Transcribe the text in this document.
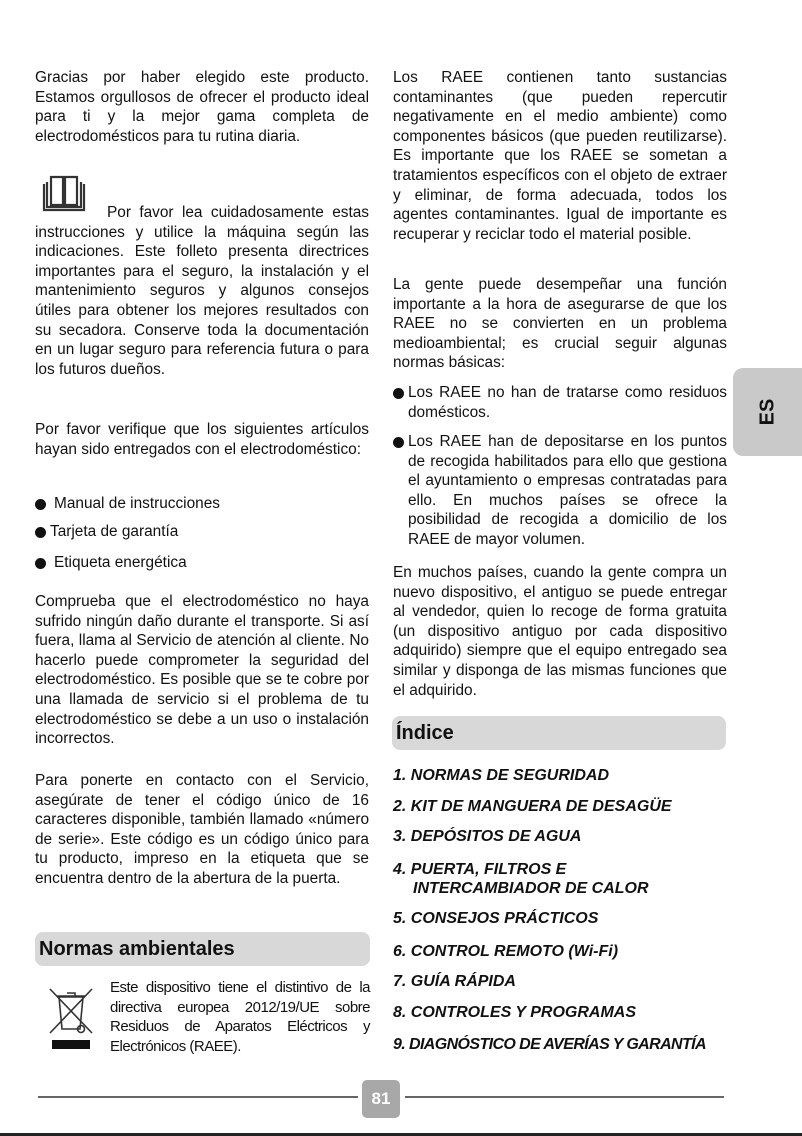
Gracias por haber elegido este producto. Estamos orgullosos de ofrecer el producto ideal para ti y la mejor gama completa de electrodomésticos para tu rutina diaria.

Por favor lea cuidadosamente estas instrucciones y utilice la máquina según las indicaciones. Este folleto presenta directrices importantes para el seguro, la instalación y el mantenimiento seguros y algunos consejos útiles para obtener los mejores resultados con su secadora. Conserve toda la documentación en un lugar seguro para referencia futura o para los futuros dueños.

Por favor verifique que los siguientes artículos hayan sido entregados con el electrodoméstico:

Manual de instrucciones
Tarjeta de garantía
Etiqueta energética

Comprueba que el electrodoméstico no haya sufrido ningún daño durante el transporte. Si así fuera, llama al Servicio de atención al cliente. No hacerlo puede comprometer la seguridad del electrodoméstico. Es posible que se te cobre por una llamada de servicio si el problema de tu electrodoméstico se debe a un uso o instalación incorrectos.

Para ponerte en contacto con el Servicio, asegúrate de tener el código único de 16 caracteres disponible, también llamado «número de serie». Este código es un código único para tu producto, impreso en la etiqueta que se encuentra dentro de la abertura de la puerta.

Normas ambientales

Este dispositivo tiene el distintivo de la directiva europea 2012/19/UE sobre Residuos de Aparatos Eléctricos y Electrónicos (RAEE).

Los RAEE contienen tanto sustancias contaminantes (que pueden repercutir negativamente en el medio ambiente) como componentes básicos (que pueden reutilizarse). Es importante que los RAEE se sometan a tratamientos específicos con el objeto de extraer y eliminar, de forma adecuada, todos los agentes contaminantes. Igual de importante es recuperar y reciclar todo el material posible.

La gente puede desempeñar una función importante a la hora de asegurarse de que los RAEE no se convierten en un problema medioambiental; es crucial seguir algunas normas básicas:

Los RAEE no han de tratarse como residuos domésticos.
Los RAEE han de depositarse en los puntos de recogida habilitados para ello que gestiona el ayuntamiento o empresas contratadas para ello. En muchos países se ofrece la posibilidad de recogida a domicilio de los RAEE de mayor volumen.

En muchos países, cuando la gente compra un nuevo dispositivo, el antiguo se puede entregar al vendedor, quien lo recoge de forma gratuita (un dispositivo antiguo por cada dispositivo adquirido) siempre que el equipo entregado sea similar y disponga de las mismas funciones que el adquirido.

Índice
1. NORMAS DE SEGURIDAD
2. KIT DE MANGUERA DE DESAGÜE
3. DEPÓSITOS DE AGUA
4. PUERTA, FILTROS E
INTERCAMBIADOR DE CALOR
5. CONSEJOS PRÁCTICOS
6. CONTROL REMOTO (Wi-Fi)
7. GUÍA RÁPIDA
8. CONTROLES Y PROGRAMAS
9. DIAGNÓSTICO DE AVERÍAS Y GARANTÍA
ES
81
